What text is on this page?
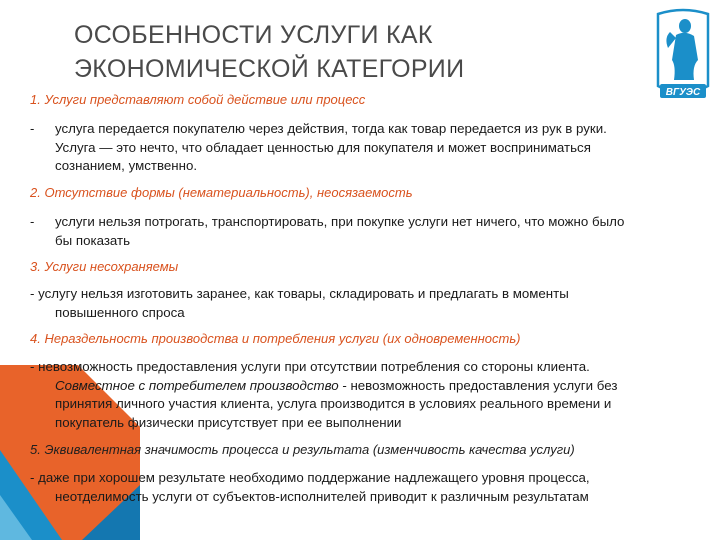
ОСОБЕННОСТИ УСЛУГИ КАК
ЭКОНОМИЧЕСКОЙ КАТЕГОРИИ
ВГУЭС
1. Услуги представляют собой действие или процесс
- услуга передается покупателю через действия, тогда как товар передается из рук в руки.
Услуга — это нечто, что обладает ценностью для покупателя и может восприниматься
сознанием, умственно.
2. Отсутствие формы (нематериальность), неосязаемость
- услуги нельзя потрогать, транспортировать, при покупке услуги нет ничего, что можно было
бы показать
3. Услуги несохраняемы
- услугу нельзя изготовить заранее, как товары, складировать и предлагать в моменты
повышенного спроса
4. Нераздельность производства и потребления услуги (их одновременность)
- невозможность предоставления услуги при отсутствии потребления со стороны клиента.
Совместное с потребителем производство - невозможность предоставления услуги без
принятия личного участия клиента, услуга производится в условиях реального времени и
покупатель физически присутствует при ее выполнении
5. Эквивалентная значимость процесса и результата (изменчивость качества услуги)
- даже при хорошем результате необходимо поддержание надлежащего уровня процесса,
неотделимость услуги от субъектов-исполнителей приводит к различным результатам
